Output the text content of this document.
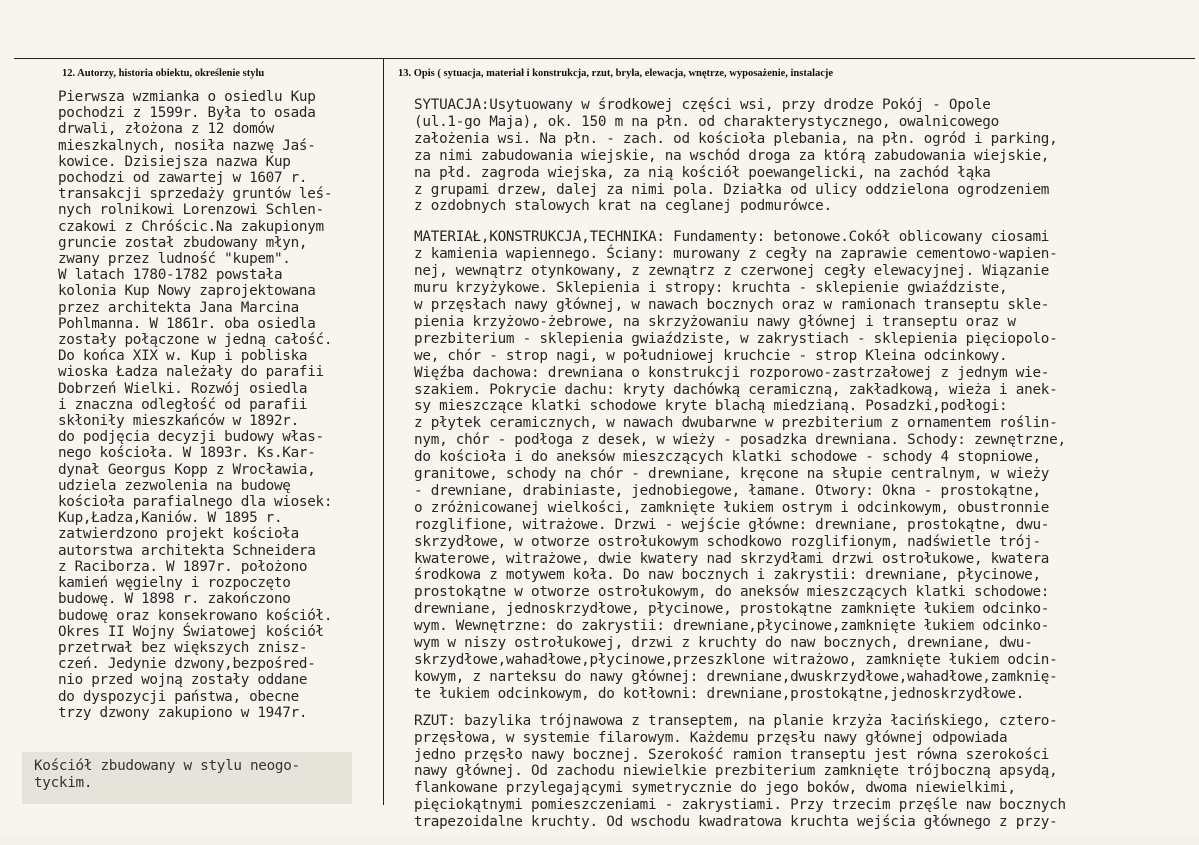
12. Autorzy, historia obiektu, określenie stylu	13. Opis ( sytuacja, materiał i konstrukcja, rzut, bryła, elewacja, wnętrze, wyposażenie, instalacje
Pierwsza wzmianka o osiedlu Kup
pochodzi z 1599r. Była to osada
drwali, złożona z 12 domów
mieszkalnych, nosiła nazwę Jaś-
kowice. Dzisiejsza nazwa Kup
pochodzi od zawartej w 1607 r.
transakcji sprzedaży gruntów leś-
nych rolnikowi Lorenzowi Schlen-
czakowi z Chróścic.Na zakupionym
gruncie został zbudowany młyn,
zwany przez ludność "kupem".
W latach 1780-1782 powstała
kolonia Kup Nowy zaprojektowana
przez architekta Jana Marcina
Pohlmanna. W 1861r. oba osiedla
zostały połączone w jedną całość.
Do końca XIX w. Kup i pobliska
wioska Ładza należały do parafii
Dobrzeń Wielki. Rozwój osiedla
i znaczna odległość od parafii
skłoniły mieszkańców w 1892r.
do podjęcia decyzji budowy włas-
nego kościoła. W 1893r. Ks.Kar-
dynał Georgus Kopp z Wrocławia,
udziela zezwolenia na budowę
kościoła parafialnego dla wiosek:
Kup,Ładza,Kaniów. W 1895 r.
zatwierdzono projekt kościoła
autorstwa architekta Schneidera
z Raciborza. W 1897r. położono
kamień węgielny i rozpoczęto
budowę. W 1898 r. zakończono
budowę oraz konsekrowano kościół.
Okres II Wojny Światowej kościół
przetrwał bez większych znisz-
czeń. Jedynie dzwony,bezpośred-
nio przed wojną zostały oddane
do dyspozycji państwa, obecne
trzy dzwony zakupiono w 1947r.
Kościół zbudowany w stylu neogo-
tyckim.
SYTUACJA:Usytuowany w środkowej części wsi, przy drodze Pokój - Opole
(ul.1-go Maja), ok. 150 m na płn. od charakterystycznego, owalnicowego
założenia wsi. Na płn. - zach. od kościoła plebania, na płn. ogród i parking,
za nimi zabudowania wiejskie, na wschód droga za którą zabudowania wiejskie,
na płd. zagroda wiejska, za nią kościół poewangelicki, na zachód łąka
z grupami drzew, dalej za nimi pola. Działka od ulicy oddzielona ogrodzeniem
z ozdobnych stalowych krat na ceglanej podmurówce.
MATERIAŁ,KONSTRUKCJA,TECHNIKA: Fundamenty: betonowe.Cokół oblicowany ciosami
z kamienia wapiennego. Ściany: murowany z cegły na zaprawie cementowo-wapien-
nej, wewnątrz otynkowany, z zewnątrz z czerwonej cegły elewacyjnej. Wiązanie
muru krzyżykowe. Sklepienia i stropy: kruchta - sklepienie gwiaździste,
w przęsłach nawy głównej, w nawach bocznych oraz w ramionach transeptu skle-
pienia krzyżowo-żebrowe, na skrzyżowaniu nawy głównej i transeptu oraz w
prezbiterium - sklepienia gwiaździste, w zakrystiach - sklepienia pięciopolo-
we, chór - strop nagi, w południowej kruchcie - strop Kleina odcinkowy.
Więźba dachowa: drewniana o konstrukcji rozporowo-zastrzałowej z jednym wie-
szakiem. Pokrycie dachu: kryty dachówką ceramiczną, zakładkową, wieża i anek-
sy mieszczące klatki schodowe kryte blachą miedzianą. Posadzki,podłogi:
z płytek ceramicznych, w nawach dwubarwne w prezbiterium z ornamentem roślin-
nym, chór - podłoga z desek, w wieży - posadzka drewniana. Schody: zewnętrzne,
do kościoła i do aneksów mieszczących klatki schodowe - schody 4 stopniowe,
granitowe, schody na chór - drewniane, kręcone na słupie centralnym, w wieży
- drewniane, drabiniaste, jednobiegowe, łamane. Otwory: Okna - prostokątne,
o zróżnicowanej wielkości, zamknięte łukiem ostrym i odcinkowym, obustronnie
rozglifione, witrażowe. Drzwi - wejście główne: drewniane, prostokątne, dwu-
skrzydłowe, w otworze ostrołukowym schodkowo rozglifionym, nadświetle trój-
kwaterowe, witrażowe, dwie kwatery nad skrzydłami drzwi ostrołukowe, kwatera
środkowa z motywem koła. Do naw bocznych i zakrystii: drewniane, płycinowe,
prostokątne w otworze ostrołukowym, do aneksów mieszczących klatki schodowe:
drewniane, jednoskrzydłowe, płycinowe, prostokątne zamknięte łukiem odcinko-
wym. Wewnętrzne: do zakrystii: drewniane,płycinowe,zamknięte łukiem odcinko-
wym w niszy ostrołukowej, drzwi z kruchty do naw bocznych, drewniane, dwu-
skrzydłowe,wahadłowe,płycinowe,przeszklone witrażowo, zamknięte łukiem odcin-
kowym, z narteksu do nawy głównej: drewniane,dwuskrzydłowe,wahadłowe,zamknię-
te łukiem odcinkowym, do kotłowni: drewniane,prostokątne,jednoskrzydłowe.
RZUT: bazylika trójnawowa z transeptem, na planie krzyża łacińskiego, cztero-
przęsłowa, w systemie filarowym. Każdemu przęsłu nawy głównej odpowiada
jedno przęsło nawy bocznej. Szerokość ramion transeptu jest równa szerokości
nawy głównej. Od zachodu niewielkie prezbiterium zamknięte trójboczną apsydą,
flankowane przylegającymi symetrycznie do jego boków, dwoma niewielkimi,
pięciokątnymi pomieszczeniami - zakrystiami. Przy trzecim przęśle naw bocznych
trapezoidalne kruchty. Od wschodu kwadratowa kruchta wejścia głównego z przy-
